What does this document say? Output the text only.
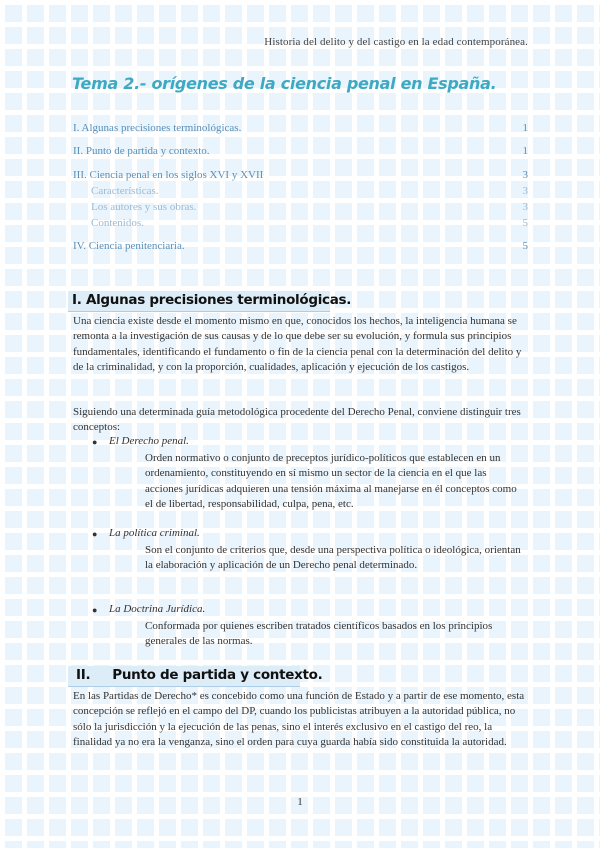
Historia del delito y del castigo en la edad contemporánea.
Tema 2.- orígenes de la ciencia penal en España.
I. Algunas precisiones terminológicas.	1
II. Punto de partida y contexto.	1
III. Ciencia penal en los siglos XVI y XVII	3
Características.	3
Los autores y sus obras.	3
Contenidos.	5
IV. Ciencia penitenciaria.	5
I. Algunas precisiones terminológicas.

Una ciencia existe desde el momento mismo en que, conocidos los hechos, la inteligencia humana se remonta a la investigación de sus causas y de lo que debe ser su evolución, y formula sus principios fundamentales, identificando el fundamento o fin de la ciencia penal con la determinación del delito y de la criminalidad, y con la proporción, cualidades, aplicación y ejecución de los castigos.

Siguiendo una determinada guía metodológica procedente del Derecho Penal, conviene distinguir tres conceptos:

● El Derecho penal.

Orden normativo o conjunto de preceptos jurídico-políticos que establecen en un ordenamiento, constituyendo en sí mismo un sector de la ciencia en el que las acciones jurídicas adquieren una tensión máxima al manejarse en él conceptos como el de libertad, responsabilidad, culpa, pena, etc.

● La política criminal.

Son el conjunto de criterios que, desde una perspectiva política o ideológica, orientan la elaboración y aplicación de un Derecho penal determinado.

● La Doctrina Jurídica.

Conformada por quienes escriben tratados científicos basados en los principios generales de las normas.

II.     Punto de partida y contexto.

En las Partidas de Derecho* es concebido como una función de Estado y a partir de ese momento, esta concepción se reflejó en el campo del DP, cuando los publicistas atribuyen a la autoridad pública, no sólo la jurisdicción y la ejecución de las penas, sino el interés exclusivo en el castigo del reo, la finalidad ya no era la venganza, sino el orden para cuya guarda había sido constituida la autoridad.

1
